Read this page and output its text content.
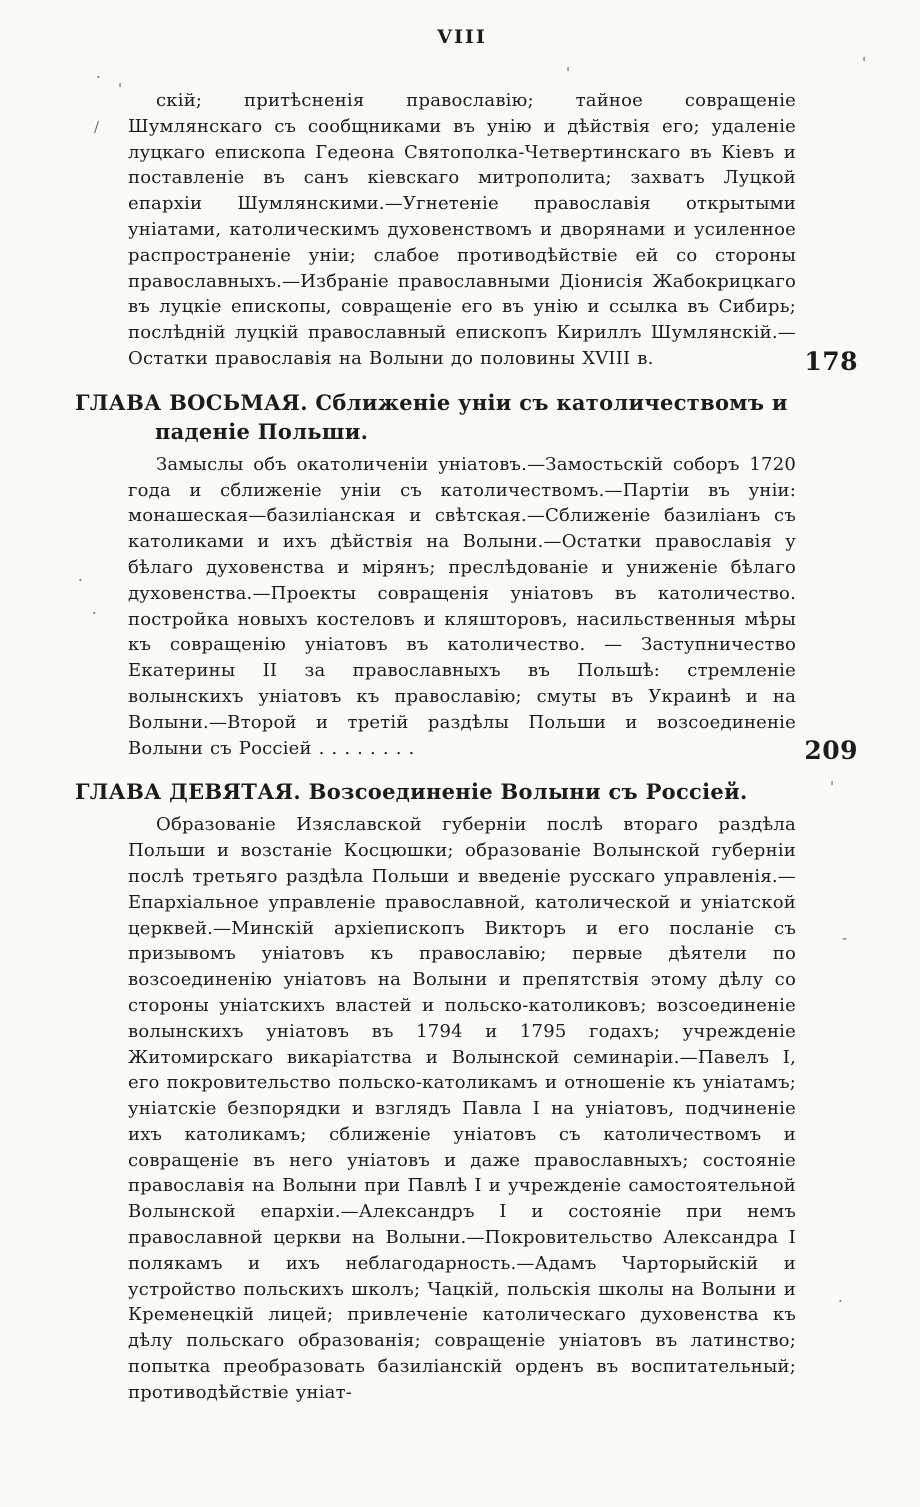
VIII

скій; притѣсненія православію; тайное совращеніе Шумлянскаго съ сообщниками въ унію и дѣйствія его; удаленіе луцкаго епископа Гедеона Святополка-Четвертинскаго въ Кіевъ и поставленіе въ санъ кіевскаго митрополита; захватъ Луцкой епархіи Шумлянскими.—Угнетеніе православія открытыми уніатами, католическимъ духовенствомъ и дворянами и усиленное распространеніе уніи; слабое противодѣйствіе ей со стороны православныхъ.—Избраніе православными Діонисія Жабокрицкаго въ луцкіе епископы, совращеніе его въ унію и ссылка въ Сибирь; послѣдній луцкій православный епископъ Кириллъ Шумлянскій.—Остатки православія на Волыни до половины XVIII в.	178
ГЛАВА ВОСЬМАЯ. Сближеніе уніи съ католичествомъ и паденіе Польши.

Замыслы объ окатоличеніи уніатовъ.—Замостьскій соборъ 1720 года и сближеніе уніи съ католичествомъ.—Партіи въ уніи: монашеская—базиліанская и свѣтская.—Сближеніе базиліанъ съ католиками и ихъ дѣйствія на Волыни.—Остатки православія у бѣлаго духовенства и мірянъ; преслѣдованіе и униженіе бѣлаго духовенства.—Проекты совращенія уніатовъ въ католичество. постройка новыхъ костеловъ и кляшторовъ, насильственныя мѣры къ совращенію уніатовъ въ католичество. — Заступничество Екатерины II за православныхъ въ Польшѣ: стремленіе волынскихъ уніатовъ къ православію; смуты въ Украинѣ и на Волыни.—Второй и третій раздѣлы Польши и возсоединеніе Волыни съ Россіей . . . . . . . .	209
ГЛАВА ДЕВЯТАЯ. Возсоединеніе Волыни съ Россіей.

Образованіе Изяславской губерніи послѣ втораго раздѣла Польши и возстаніе Косцюшки; образованіе Волынской губерніи послѣ третьяго раздѣла Польши и введеніе русскаго управленія.—Епархіальное управленіе православной, католической и уніатской церквей.—Минскій архіепископъ Викторъ и его посланіе съ призывомъ уніатовъ къ православію; первые дѣятели по возсоединенію уніатовъ на Волыни и препятствія этому дѣлу со стороны уніатскихъ властей и польско-католиковъ; возсоединеніе волынскихъ уніатовъ въ 1794 и 1795 годахъ; учрежденіе Житомирскаго викаріатства и Волынской семинаріи.—Павелъ I, его покровительство польско-католикамъ и отношеніе къ уніатамъ; уніатскіе безпорядки и взглядъ Павла I на уніатовъ, подчиненіе ихъ католикамъ; сближеніе уніатовъ съ католичествомъ и совращеніе въ него уніатовъ и даже православныхъ; состояніе православія на Волыни при Павлѣ I и учрежденіе самостоятельной Волынской епархіи.—Александръ I и состояніе при немъ православной церкви на Волыни.—Покровительство Александра I полякамъ и ихъ неблагодарность.—Адамъ Чарторыйскій и устройство польскихъ школъ; Чацкій, польскія школы на Волыни и Кременецкій лицей; привлеченіе католическаго духовенства къ дѣлу польскаго образованія; совращеніе уніатовъ въ латинство; попытка преобразовать базиліанскій орденъ въ воспитательный; противодѣйствіе уніат-

·
'
'
/
·
·
'
-
.
'
